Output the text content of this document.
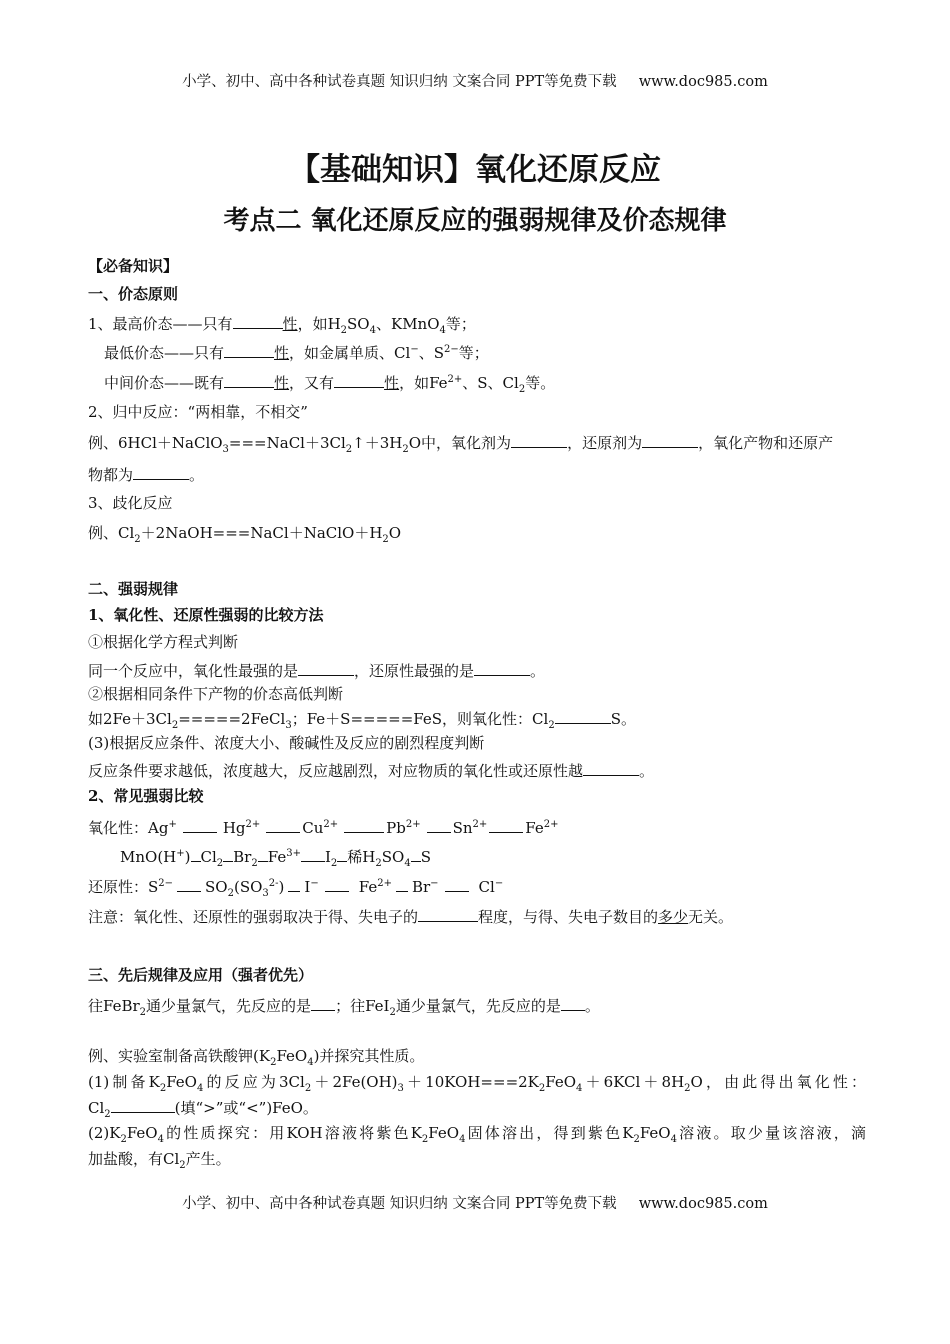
小学、初中、高中各种试卷真题 知识归纳 文案合同 PPT等免费下载 www.doc985.com
【基础知识】氧化还原反应
考点二 氧化还原反应的强弱规律及价态规律
【必备知识】
一、价态原则
1、最高价态——只有	性，如$H_2SO_4$、KMnO$_4$等；
最低价态——只有	性，如金属单质、Cl−、$S^{2-}$等；
中间价态——既有	性，又有	性，如$Fe^{2+}$、S、$Cl_2$等。
2、归中反应：“两相靠，不相交”
例、$6HCl+NaClO_3===NaCl+3Cl_2↑+3H_2O$中，氧化剂为	，还原剂为	，氧化产物和还原产
物都为	。
3、歧化反应
例、$Cl_2+2NaOH===NaCl+NaClO+H_2O$
二、强弱规律
1、氧化性、还原性强弱的比较方法
①根据化学方程式判断
同一个反应中，氧化性最强的是	，还原性最强的是	。
②根据相同条件下产物的价态高低判断
如$2Fe+3Cl_2=====2FeCl_3$；Fe＋S=====FeS，则氧化性：$Cl_2$	S。
(3)根据反应条件、浓度大小、酸碱性及反应的剧烈程度判断
反应条件要求越低，浓度越大，反应越剧烈，对应物质的氧化性或还原性越	。
2、常见强弱比较
氧化性：Ag+	$Hg^{2+}$	$Cu^{2+}$	$Pb^{2+}$ $Sn^{2+}$	$Fe^{2+}$
MnO(H+) $Cl_2$ $Br_2$ $Fe^{3+}$ $I_2$ 稀$H_2SO_4$ S
还原性：$S^{2-}$ $SO_2(SO_3^{2-})$ I−	$Fe^{2+}$ Br−	Cl−
注意：氧化性、还原性的强弱取决于得、失电子的	程度，与得、失电子数目的多少无关。
三、先后规律及应用（强者优先）
往FeBr$_2$通少量氯气，先反应的是 ；往FeI$_2$通少量氯气，先反应的是 。
例、实验室制备高铁酸钾$(K_2FeO_4)$并探究其性质。
(1)制备$K_2FeO_4$的反应为$3Cl_2+2Fe(OH)_3+10KOH===2K_2FeO_4+6KCl+8H_2O$，由此得出氧化性：
$Cl_2$	(填“>”或“<”)FeO。
$(2)K_2FeO_4$的性质探究：用KOH溶液将紫色$K_2FeO_4$固体溶出，得到紫色$K_2FeO_4$溶液。取少量该溶液，滴
加盐酸，有$Cl_2$产生。
小学、初中、高中各种试卷真题 知识归纳 文案合同 PPT等免费下载 www.doc985.com
